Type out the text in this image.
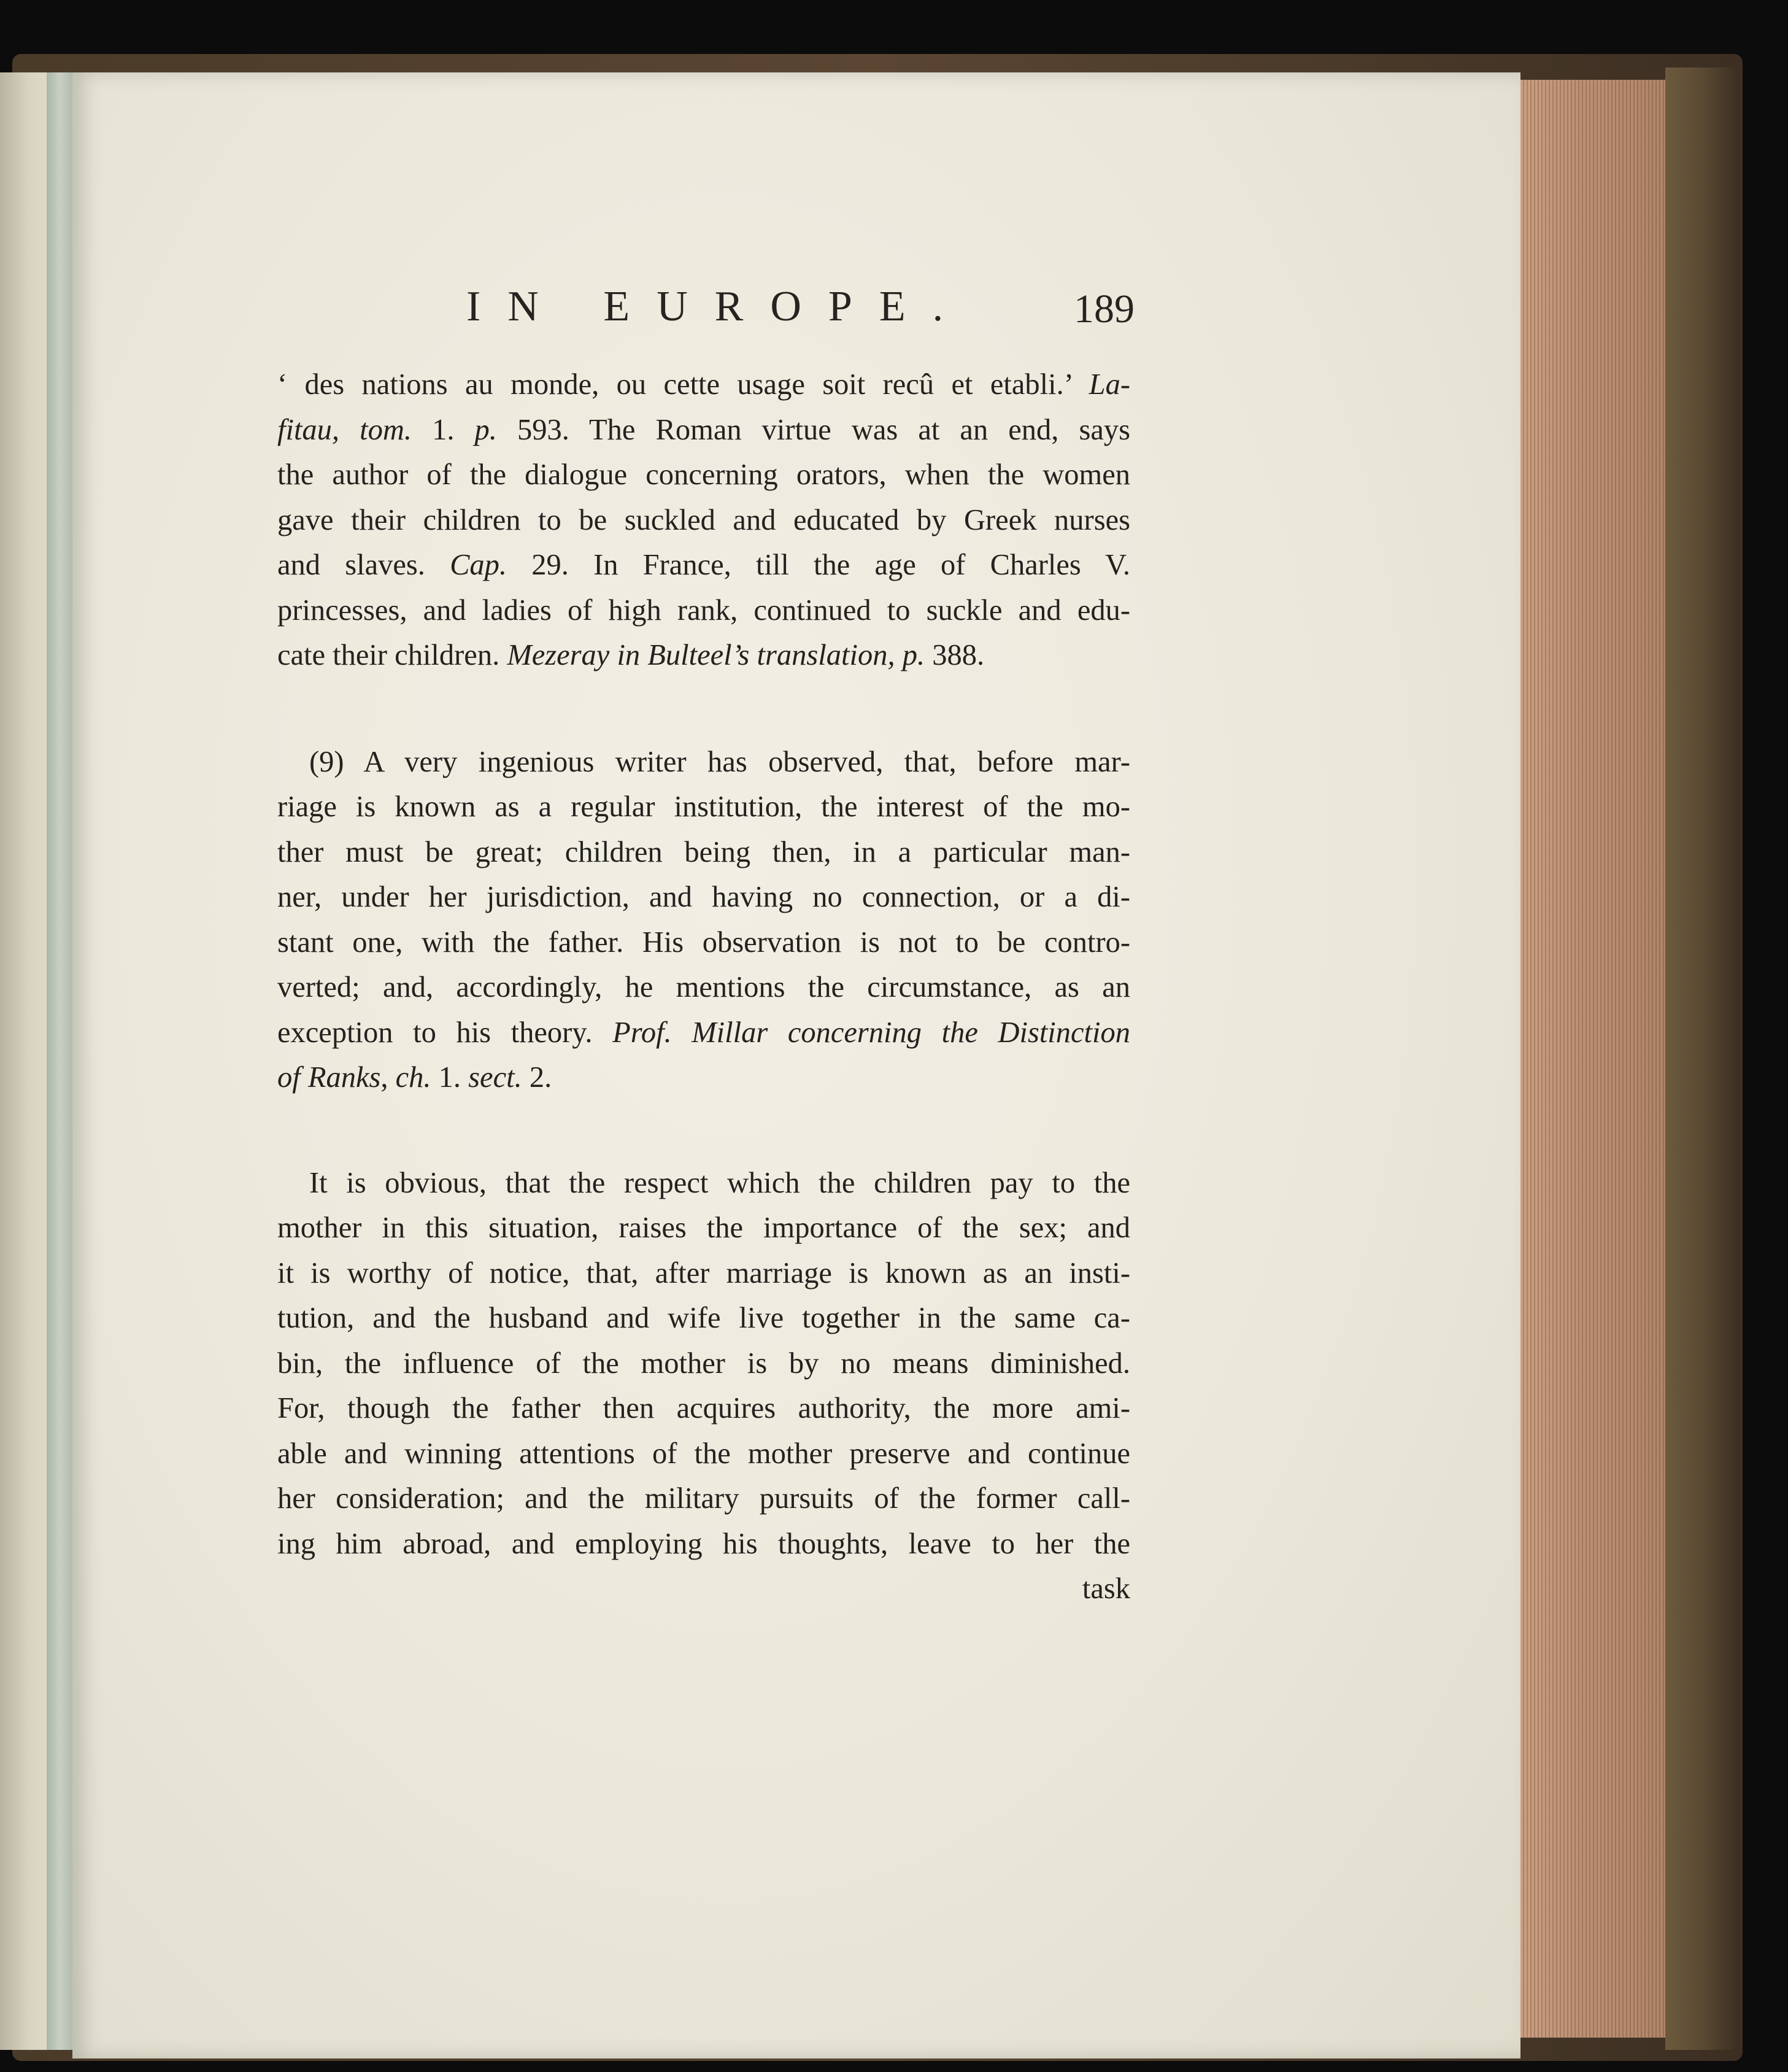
IN EUROPE.	189
‘ des nations au monde, ou cette usage soit recû et etabli.’ La-
fitau, tom. 1. p. 593. The Roman virtue was at an end, says
the author of the dialogue concerning orators, when the women
gave their children to be suckled and educated by Greek nurses
and slaves. Cap. 29. In France, till the age of Charles V.
princesses, and ladies of high rank, continued to suckle and edu-
cate their children. Mezeray in Bulteel’s translation, p. 388.
(9) A very ingenious writer has observed, that, before mar-
riage is known as a regular institution, the interest of the mo-
ther must be great; children being then, in a particular man-
ner, under her jurisdiction, and having no connection, or a di-
stant one, with the father. His observation is not to be contro-
verted; and, accordingly, he mentions the circumstance, as an
exception to his theory. Prof. Millar concerning the Distinction
of Ranks, ch. 1. sect. 2.
It is obvious, that the respect which the children pay to the
mother in this situation, raises the importance of the sex; and
it is worthy of notice, that, after marriage is known as an insti-
tution, and the husband and wife live together in the same ca-
bin, the influence of the mother is by no means diminished.
For, though the father then acquires authority, the more ami-
able and winning attentions of the mother preserve and continue
her consideration; and the military pursuits of the former call-
ing him abroad, and employing his thoughts, leave to her the
task
